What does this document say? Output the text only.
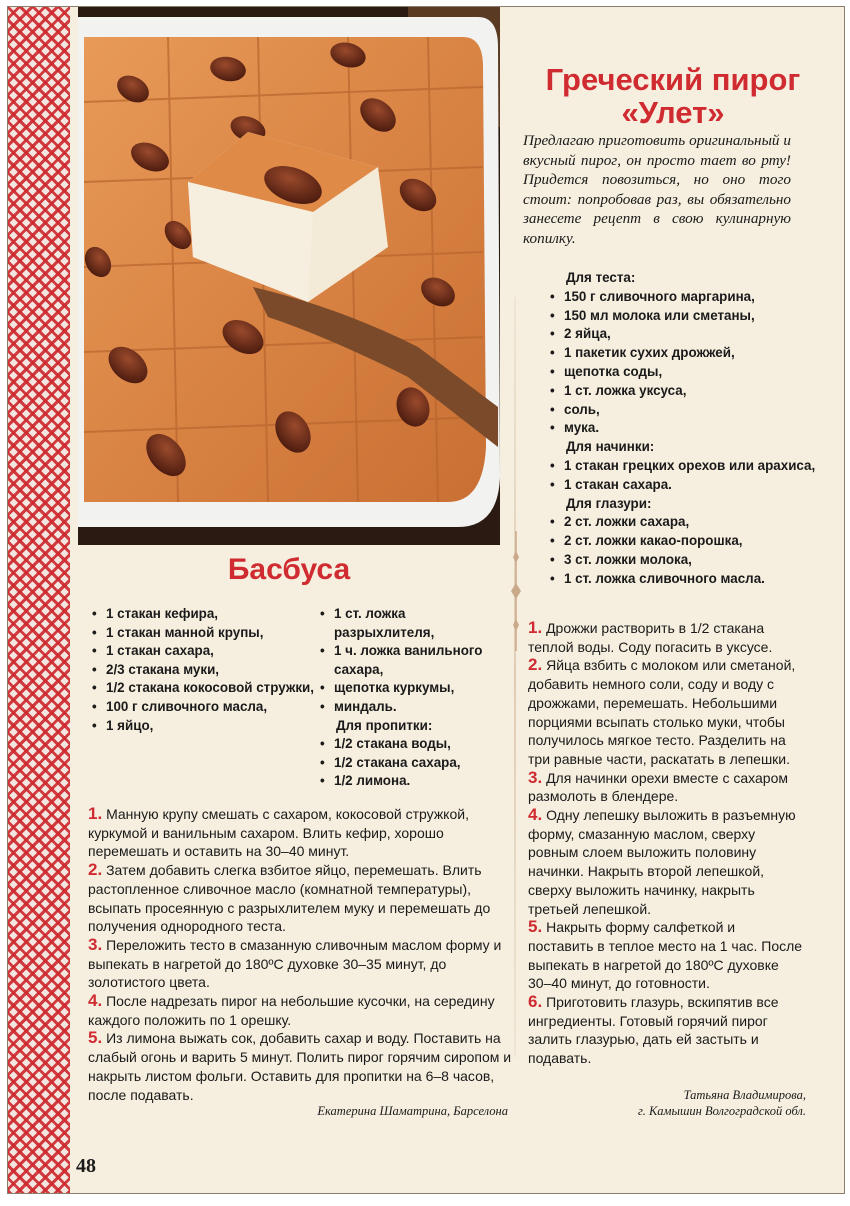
Греческий пирог
«Улет»
Предлагаю приготовить оригинальный и вкусный пирог, он просто тает во рту! Придется повозиться, но оно того стоит: попробовав раз, вы обязательно занесете рецепт в свою кулинарную копилку.
Для теста:
• 150 г сливочного маргарина,
• 150 мл молока или сметаны,
• 2 яйца,
• 1 пакетик сухих дрожжей,
• щепотка соды,
• 1 ст. ложка уксуса,
• соль,
• мука.
Для начинки:
• 1 стакан грецких орехов или арахиса,
• 1 стакан сахара.
Для глазури:
• 2 ст. ложки сахара,
• 2 ст. ложки какао-порошка,
• 3 ст. ложки молока,
• 1 ст. ложка сливочного масла.

1. Дрожжи растворить в 1/2 стакана теплой воды. Соду погасить в уксусе.

2. Яйца взбить с молоком или сметаной, добавить немного соли, соду и воду с дрожжами, перемешать. Небольшими порциями всыпать столько муки, чтобы получилось мягкое тесто. Разделить на три равные части, раскатать в лепешки.

3. Для начинки орехи вместе с сахаром размолоть в блендере.

4. Одну лепешку выложить в разъемную форму, смазанную маслом, сверху ровным слоем выложить половину начинки. Накрыть второй лепешкой, сверху выложить начинку, накрыть третьей лепешкой.

5. Накрыть форму салфеткой и поставить в теплое место на 1 час. После выпекать в нагретой до 180ºС духовке 30–40 минут, до готовности.

6. Приготовить глазурь, вскипятив все ингредиенты. Готовый горячий пирог залить глазурью, дать ей застыть и подавать.

Татьяна Владимирова,
г. Камышин Волгоградской обл.
Басбуса
• 1 стакан кефира,
• 1 стакан манной крупы,
• 1 стакан сахара,
• 2/3 стакана муки,
• 1/2 стакана кокосовой стружки,
• 100 г сливочного масла,
• 1 яйцо,
• 1 ст. ложка разрыхлителя,
• 1 ч. ложка ванильного сахара,
• щепотка куркумы,
• миндаль.
Для пропитки:
• 1/2 стакана воды,
• 1/2 стакана сахара,
• 1/2 лимона.

1. Манную крупу смешать с сахаром, кокосовой стружкой, куркумой и ванильным сахаром. Влить кефир, хорошо перемешать и оставить на 30–40 минут.

2. Затем добавить слегка взбитое яйцо, перемешать. Влить растопленное сливочное масло (комнатной температуры), всыпать просеянную с разрыхлителем муку и перемешать до получения однородного теста.

3. Переложить тесто в смазанную сливочным маслом форму и выпекать в нагретой до 180ºС духовке 30–35 минут, до золотистого цвета.

4. После надрезать пирог на небольшие кусочки, на середину каждого положить по 1 орешку.

5. Из лимона выжать сок, добавить сахар и воду. Поставить на слабый огонь и варить 5 минут. Полить пирог горячим сиропом и накрыть листом фольги. Оставить для пропитки на 6–8 часов, после подавать.

Екатерина Шаматрина, Барселона
48
